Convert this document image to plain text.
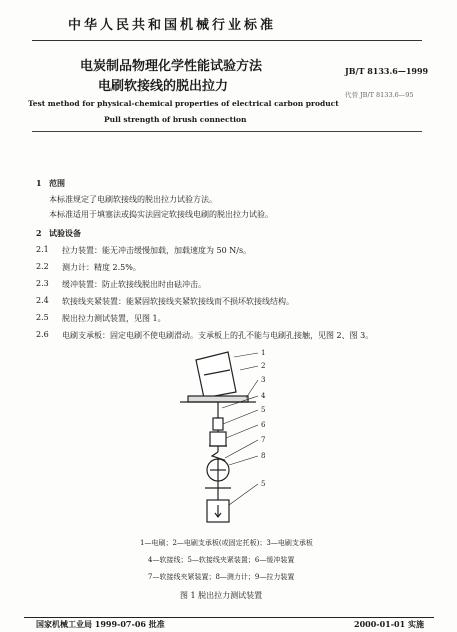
中华人民共和国机械行业标准
电炭制品物理化学性能试验方法
电刷软接线的脱出拉力
JB/T 8133.6—1999
代替 JB/T 8133.6—95
Test method for physical-chemical properties of electrical carbon product
Pull strength of brush connection
1 范围
本标准规定了电刷软接线的脱出拉力试验方法。
本标准适用于填塞法或捣实法固定软接线电刷的脱出拉力试验。
2 试验设备
2.1 拉力装置：能无冲击缓慢加载，加载速度为 50 N/s。
2.2 测力计：精度 2.5%。
2.3 缓冲装置：防止软接线脱出时由砝冲击。
2.4 软接线夹紧装置：能紧固软接线夹紧软接线而不损坏软接线结构。
2.5 脱出拉力测试装置，见图 1。
2.6 电刷支承板：固定电刷不使电刷滑动。支承板上的孔不能与电刷孔接触，见图 2、图 3。
1
2
3
4
5
6
7
8
5
1—电刷；2—电刷支承板(或固定托板)；3—电刷支承板
4—软接线；5—软接线夹紧装置；6—缓冲装置
7—软接线夹紧装置；8—测力计；9—拉力装置
图 1 脱出拉力测试装置
国家机械工业局 1999-07-06 批准	2000-01-01 实施
